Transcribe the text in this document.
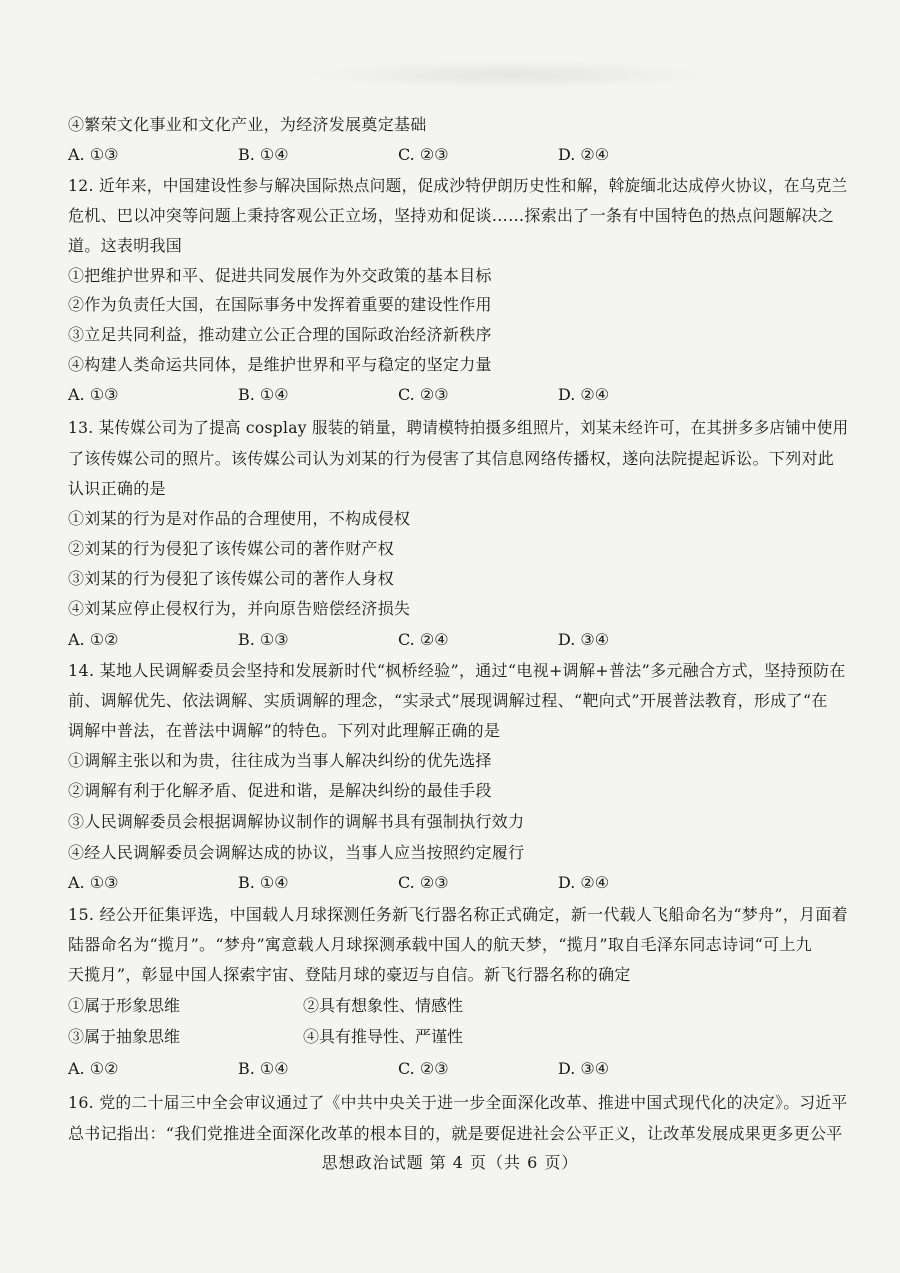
④繁荣文化事业和文化产业，为经济发展奠定基础
A. ①③	B. ①④	C. ②③	D. ②④
12. 近年来，中国建设性参与解决国际热点问题，促成沙特伊朗历史性和解，斡旋缅北达成停火协议，在乌克兰
危机、巴以冲突等问题上秉持客观公正立场，坚持劝和促谈……探索出了一条有中国特色的热点问题解决之
道。这表明我国
①把维护世界和平、促进共同发展作为外交政策的基本目标
②作为负责任大国，在国际事务中发挥着重要的建设性作用
③立足共同利益，推动建立公正合理的国际政治经济新秩序
④构建人类命运共同体，是维护世界和平与稳定的坚定力量
A. ①③	B. ①④	C. ②③	D. ②④
13. 某传媒公司为了提高 cosplay 服装的销量，聘请模特拍摄多组照片，刘某未经许可，在其拼多多店铺中使用
了该传媒公司的照片。该传媒公司认为刘某的行为侵害了其信息网络传播权，遂向法院提起诉讼。下列对此
认识正确的是
①刘某的行为是对作品的合理使用，不构成侵权
②刘某的行为侵犯了该传媒公司的著作财产权
③刘某的行为侵犯了该传媒公司的著作人身权
④刘某应停止侵权行为，并向原告赔偿经济损失
A. ①②	B. ①③	C. ②④	D. ③④
14. 某地人民调解委员会坚持和发展新时代“枫桥经验”，通过“电视+调解+普法”多元融合方式，坚持预防在
前、调解优先、依法调解、实质调解的理念，“实录式”展现调解过程、“靶向式”开展普法教育，形成了“在
调解中普法，在普法中调解”的特色。下列对此理解正确的是
①调解主张以和为贵，往往成为当事人解决纠纷的优先选择
②调解有利于化解矛盾、促进和谐，是解决纠纷的最佳手段
③人民调解委员会根据调解协议制作的调解书具有强制执行效力
④经人民调解委员会调解达成的协议，当事人应当按照约定履行
A. ①③	B. ①④	C. ②③	D. ②④
15. 经公开征集评选，中国载人月球探测任务新飞行器名称正式确定，新一代载人飞船命名为“梦舟”，月面着
陆器命名为“揽月”。“梦舟”寓意载人月球探测承载中国人的航天梦，“揽月”取自毛泽东同志诗词“可上九
天揽月”，彰显中国人探索宇宙、登陆月球的豪迈与自信。新飞行器名称的确定
①属于形象思维	②具有想象性、情感性
③属于抽象思维	④具有推导性、严谨性
A. ①②	B. ①④	C. ②③	D. ③④
16. 党的二十届三中全会审议通过了《中共中央关于进一步全面深化改革、推进中国式现代化的决定》。习近平
总书记指出：“我们党推进全面深化改革的根本目的，就是要促进社会公平正义，让改革发展成果更多更公平
思想政治试题 第 4 页（共 6 页）
